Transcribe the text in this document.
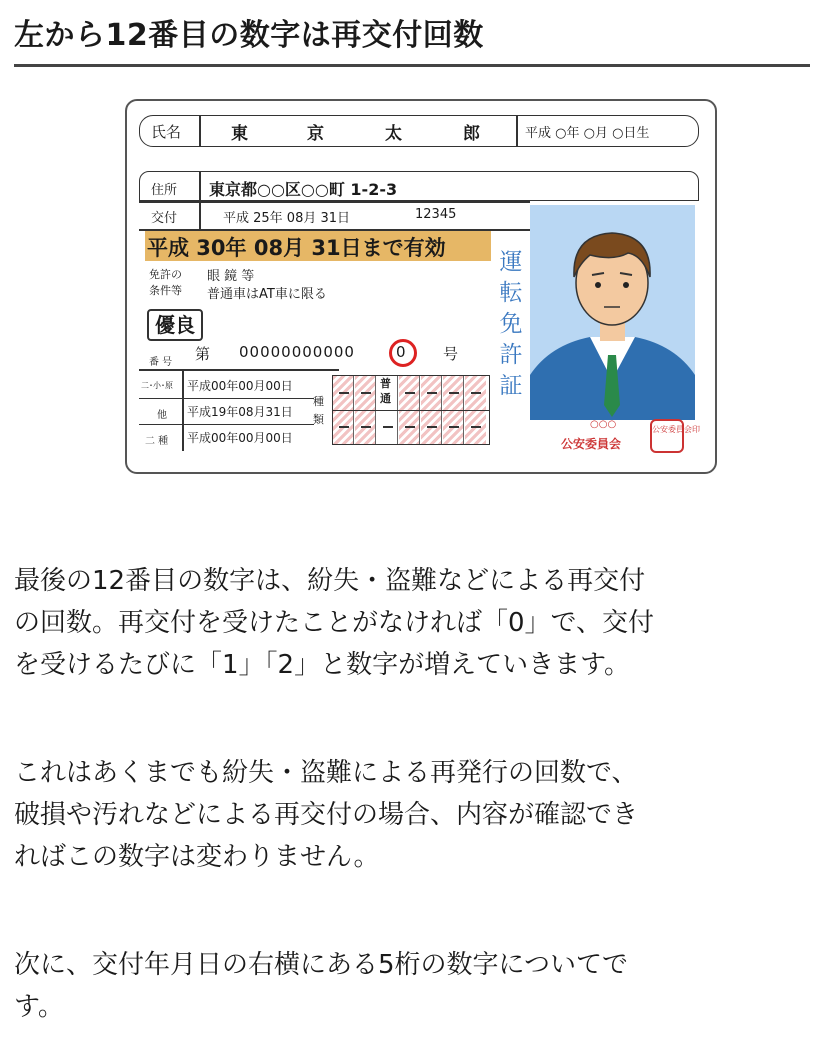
左から12番目の数字は再交付回数
氏名	東	京	太	郎	平成 ○年 ○月 ○日生
住所 東京都○○区○○町 1-2-3
交付	平成 25年 08月 31日	12345
平成 30年 08月 31日まで有効
免許の
条件等
眼 鏡 等
普通車はAT車に限る
優良
番 号 第 00000000000	0 号
二･小･原 平成00年00月00日
他 平成19年08月31日
二 種 平成00年00月00日
種類
普通
運転免許証
○○○
公安委員会
公安委員会印
最後の12番目の数字は、紛失・盗難などによる再交付
の回数。再交付を受けたことがなければ「0」で、交付
を受けるたびに「1」「2」と数字が増えていきます。
これはあくまでも紛失・盗難による再発行の回数で、
破損や汚れなどによる再交付の場合、内容が確認でき
ればこの数字は変わりません。
次に、交付年月日の右横にある5桁の数字についてで
す。
